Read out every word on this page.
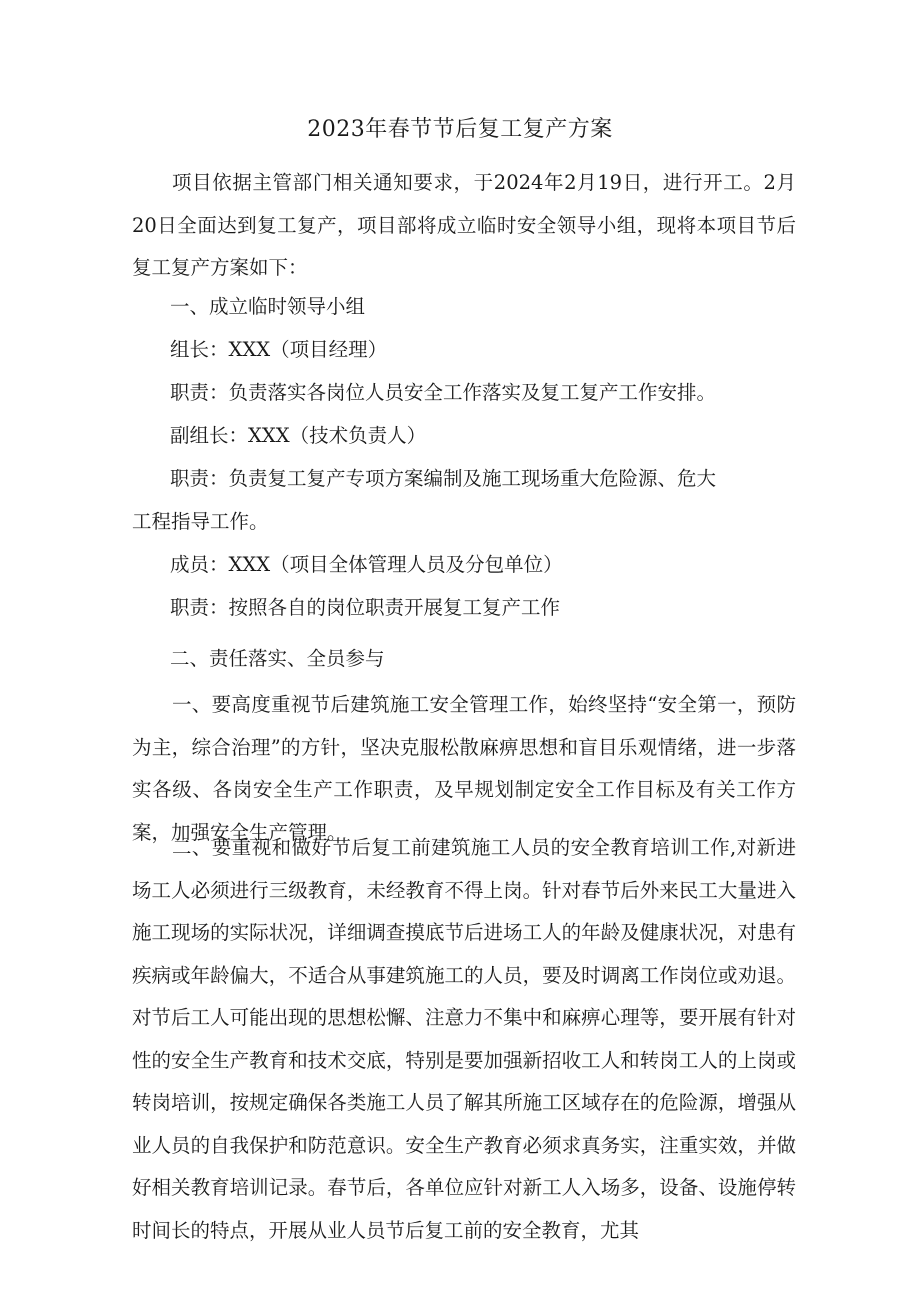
2023年春节节后复工复产方案

项目依据主管部门相关通知要求，于2024年2月19日，进行开工。2月20日全面达到复工复产，项目部将成立临时安全领导小组，现将本项目节后复工复产方案如下：

一、成立临时领导小组
组长：XXX（项目经理）
职责：负责落实各岗位人员安全工作落实及复工复产工作安排。
副组长：XXX（技术负责人）
职责：负责复工复产专项方案编制及施工现场重大危险源、危大
工程指导工作。
成员：XXX（项目全体管理人员及分包单位）
职责：按照各自的岗位职责开展复工复产工作
二、责任落实、全员参与

一、要高度重视节后建筑施工安全管理工作，始终坚持“安全第一，预防为主，综合治理”的方针，坚决克服松散麻痹思想和盲目乐观情绪，进一步落实各级、各岗安全生产工作职责，及早规划制定安全工作目标及有关工作方案，加强安全生产管理。

二、要重视和做好节后复工前建筑施工人员的安全教育培训工作,对新进场工人必须进行三级教育，未经教育不得上岗。针对春节后外来民工大量进入施工现场的实际状况，详细调查摸底节后进场工人的年龄及健康状况，对患有疾病或年龄偏大，不适合从事建筑施工的人员，要及时调离工作岗位或劝退。对节后工人可能出现的思想松懈、注意力不集中和麻痹心理等，要开展有针对性的安全生产教育和技术交底，特别是要加强新招收工人和转岗工人的上岗或转岗培训，按规定确保各类施工人员了解其所施工区域存在的危险源，增强从业人员的自我保护和防范意识。安全生产教育必须求真务实，注重实效，并做好相关教育培训记录。春节后，各单位应针对新工人入场多，设备、设施停转时间长的特点，开展从业人员节后复工前的安全教育，尤其
